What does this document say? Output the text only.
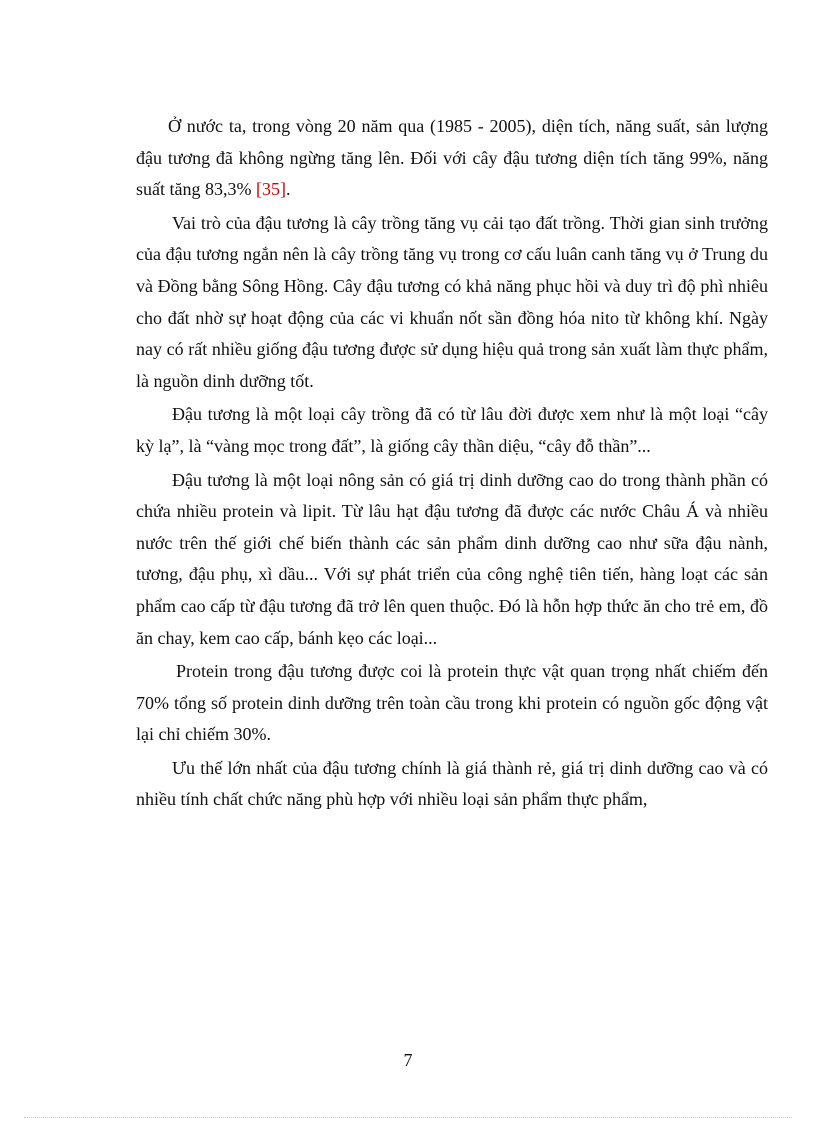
Ở nước ta, trong vòng 20 năm qua (1985 - 2005), diện tích, năng suất, sản lượng đậu tương đã không ngừng tăng lên. Đối với cây đậu tương diện tích tăng 99%, năng suất tăng 83,3% [35].

Vai trò của đậu tương là cây trồng tăng vụ cải tạo đất trồng. Thời gian sinh trưởng của đậu tương ngắn nên là cây trồng tăng vụ trong cơ cấu luân canh tăng vụ ở Trung du và Đồng bằng Sông Hồng. Cây đậu tương có khả năng phục hồi và duy trì độ phì nhiêu cho đất nhờ sự hoạt động của các vi khuẩn nốt sần đồng hóa nito từ không khí. Ngày nay có rất nhiều giống đậu tương được sử dụng hiệu quả trong sản xuất làm thực phẩm, là nguồn dinh dưỡng tốt.

Đậu tương là một loại cây trồng đã có từ lâu đời được xem như là một loại “cây kỳ lạ”, là “vàng mọc trong đất”, là giống cây thần diệu, “cây đỗ thần”...

Đậu tương là một loại nông sản có giá trị dinh dưỡng cao do trong thành phần có chứa nhiều protein và lipit. Từ lâu hạt đậu tương đã được các nước Châu Á và nhiều nước trên thế giới chế biến thành các sản phẩm dinh dưỡng cao như sữa đậu nành, tương, đậu phụ, xì dầu... Với sự phát triển của công nghệ tiên tiến, hàng loạt các sản phẩm cao cấp từ đậu tương đã trở lên quen thuộc. Đó là hỗn hợp thức ăn cho trẻ em, đồ ăn chay, kem cao cấp, bánh kẹo các loại...

Protein trong đậu tương được coi là protein thực vật quan trọng nhất chiếm đến 70% tổng số protein dinh dưỡng trên toàn cầu trong khi protein có nguồn gốc động vật lại chỉ chiếm 30%.

Ưu thế lớn nhất của đậu tương chính là giá thành rẻ, giá trị dinh dưỡng cao và có nhiều tính chất chức năng phù hợp với nhiều loại sản phẩm thực phẩm,

7
